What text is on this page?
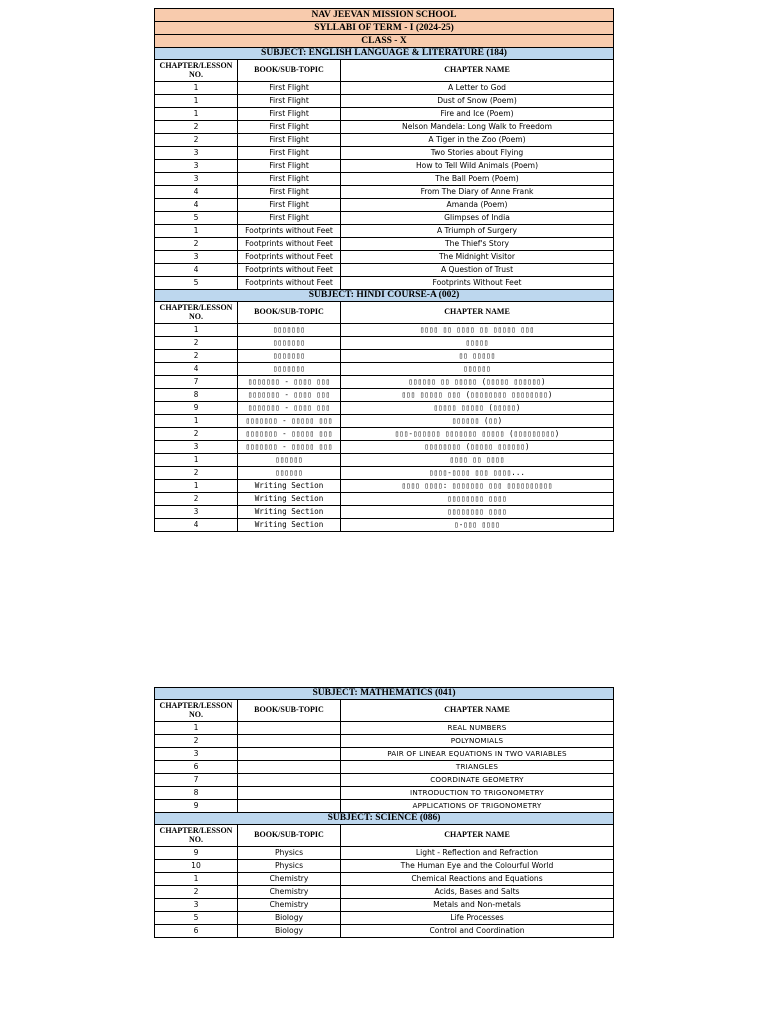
NAV JEEVAN MISSION SCHOOL		
SYLLABI OF TERM - I (2024-25)		
CLASS - X		
SUBJECT: ENGLISH LANGUAGE & LITERATURE (184)		
CHAPTER/LESSON NO.	BOOK/SUB-TOPIC	CHAPTER NAME
1	First Flight	A Letter to God
1	First Flight	Dust of Snow (Poem)
1	First Flight	Fire and Ice (Poem)
2	First Flight	Nelson Mandela: Long Walk to Freedom
2	First Flight	A Tiger in the Zoo (Poem)
3	First Flight	Two Stories about Flying
3	First Flight	How to Tell Wild Animals (Poem)
3	First Flight	The Ball Poem (Poem)
4	First Flight	From The Diary of Anne Frank
4	First Flight	Amanda (Poem)
5	First Flight	Glimpses of India
1	Footprints without Feet	A Triumph of Surgery
2	Footprints without Feet	The Thief's Story
3	Footprints without Feet	The Midnight Visitor
4	Footprints without Feet	A Question of Trust
5	Footprints without Feet	Footprints Without Feet
SUBJECT: HINDI COURSE-A (002)		
CHAPTER/LESSON NO.	BOOK/SUB-TOPIC	CHAPTER NAME
1	▯▯▯▯▯▯▯	▯▯▯▯ ▯▯ ▯▯▯▯ ▯▯ ▯▯▯▯▯ ▯▯▯
2	▯▯▯▯▯▯▯	▯▯▯▯▯
2	▯▯▯▯▯▯▯	▯▯ ▯▯▯▯▯
4	▯▯▯▯▯▯▯	▯▯▯▯▯▯
7	▯▯▯▯▯▯▯ - ▯▯▯▯ ▯▯▯	▯▯▯▯▯▯ ▯▯ ▯▯▯▯▯ (▯▯▯▯▯ ▯▯▯▯▯▯)
8	▯▯▯▯▯▯▯ - ▯▯▯▯ ▯▯▯	▯▯▯ ▯▯▯▯▯ ▯▯▯ (▯▯▯▯▯▯▯▯ ▯▯▯▯▯▯▯▯)
9	▯▯▯▯▯▯▯ - ▯▯▯▯ ▯▯▯	▯▯▯▯▯ ▯▯▯▯▯ (▯▯▯▯▯)
1	▯▯▯▯▯▯▯ - ▯▯▯▯▯ ▯▯▯	▯▯▯▯▯▯ (▯▯)
2	▯▯▯▯▯▯▯ - ▯▯▯▯▯ ▯▯▯	▯▯▯-▯▯▯▯▯▯ ▯▯▯▯▯▯▯ ▯▯▯▯▯ (▯▯▯▯▯▯▯▯▯)
3	▯▯▯▯▯▯▯ - ▯▯▯▯▯ ▯▯▯	▯▯▯▯▯▯▯▯ (▯▯▯▯▯ ▯▯▯▯▯▯)
1	▯▯▯▯▯▯	▯▯▯▯ ▯▯ ▯▯▯▯
2	▯▯▯▯▯▯	▯▯▯▯-▯▯▯▯ ▯▯▯ ▯▯▯▯...
1	Writing Section	▯▯▯▯ ▯▯▯▯: ▯▯▯▯▯▯▯ ▯▯▯ ▯▯▯▯▯▯▯▯▯▯
2	Writing Section	▯▯▯▯▯▯▯▯ ▯▯▯▯
3	Writing Section	▯▯▯▯▯▯▯▯ ▯▯▯▯
4	Writing Section	▯-▯▯▯ ▯▯▯▯
SUBJECT: MATHEMATICS (041)		
CHAPTER/LESSON NO.	BOOK/SUB-TOPIC	CHAPTER NAME
1		REAL NUMBERS
2		POLYNOMIALS
3		PAIR OF LINEAR EQUATIONS IN TWO VARIABLES
6		TRIANGLES
7		COORDINATE GEOMETRY
8		INTRODUCTION TO TRIGONOMETRY
9		APPLICATIONS OF TRIGONOMETRY
SUBJECT: SCIENCE (086)		
CHAPTER/LESSON NO.	BOOK/SUB-TOPIC	CHAPTER NAME
9	Physics	Light - Reflection and Refraction
10	Physics	The Human Eye and the Colourful World
1	Chemistry	Chemical Reactions and Equations
2	Chemistry	Acids, Bases and Salts
3	Chemistry	Metals and Non-metals
5	Biology	Life Processes
6	Biology	Control and Coordination
